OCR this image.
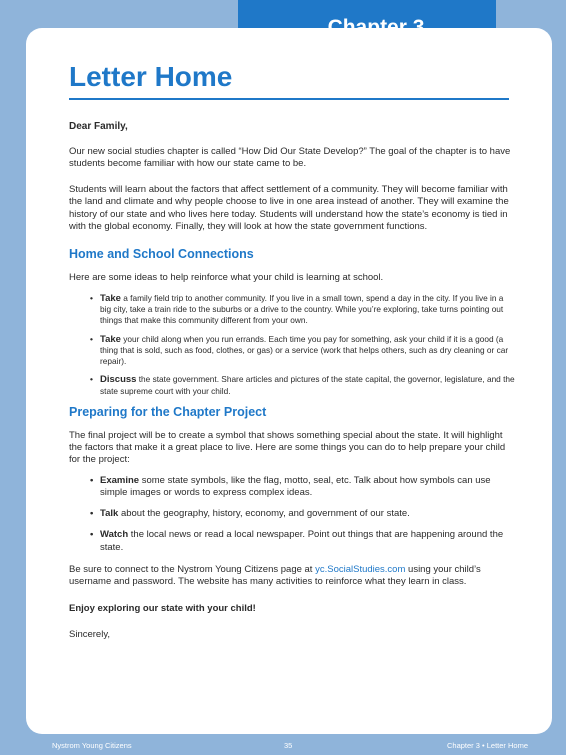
Letter Home
Dear Family,

Our new social studies chapter is called “How Did Our State Develop?” The goal of the chapter is to have students become familiar with how our state came to be.

Students will learn about the factors that affect settlement of a community. They will become familiar with the land and climate and why people choose to live in one area instead of another. They will examine the history of our state and who lives here today. Students will understand how the state’s economy is tied in with the global economy. Finally, they will look at how the state government functions.

Home and School Connections

Here are some ideas to help reinforce what your child is learning at school.

• Take a family field trip to another community. If you live in a small town, spend a day in the city. If you live in a big city, take a train ride to the suburbs or a drive to the country. While you’re exploring, take turns pointing out things that make this community different from your own.
• Take your child along when you run errands. Each time you pay for something, ask your child if it is a good (a thing that is sold, such as food, clothes, or gas) or a service (work that helps others, such as dry cleaning or car repair).
• Discuss the state government. Share articles and pictures of the state capital, the governor, legislature, and the state supreme court with your child.
Preparing for the Chapter Project

The final project will be to create a symbol that shows something special about the state. It will highlight the factors that make it a great place to live. Here are some things you can do to help prepare your child for the project:

• Examine some state symbols, like the flag, motto, seal, etc. Talk about how symbols can use simple images or words to express complex ideas.
• Talk about the geography, history, economy, and government of our state.
• Watch the local news or read a local newspaper. Point out things that are happening around the state.

Be sure to connect to the Nystrom Young Citizens page at yc.SocialStudies.com using your child’s username and password. The website has many activities to reinforce what they learn in class.

Enjoy exploring our state with your child!
Sincerely,
Nystrom Young Citizens	35	Chapter 3 • Letter Home
